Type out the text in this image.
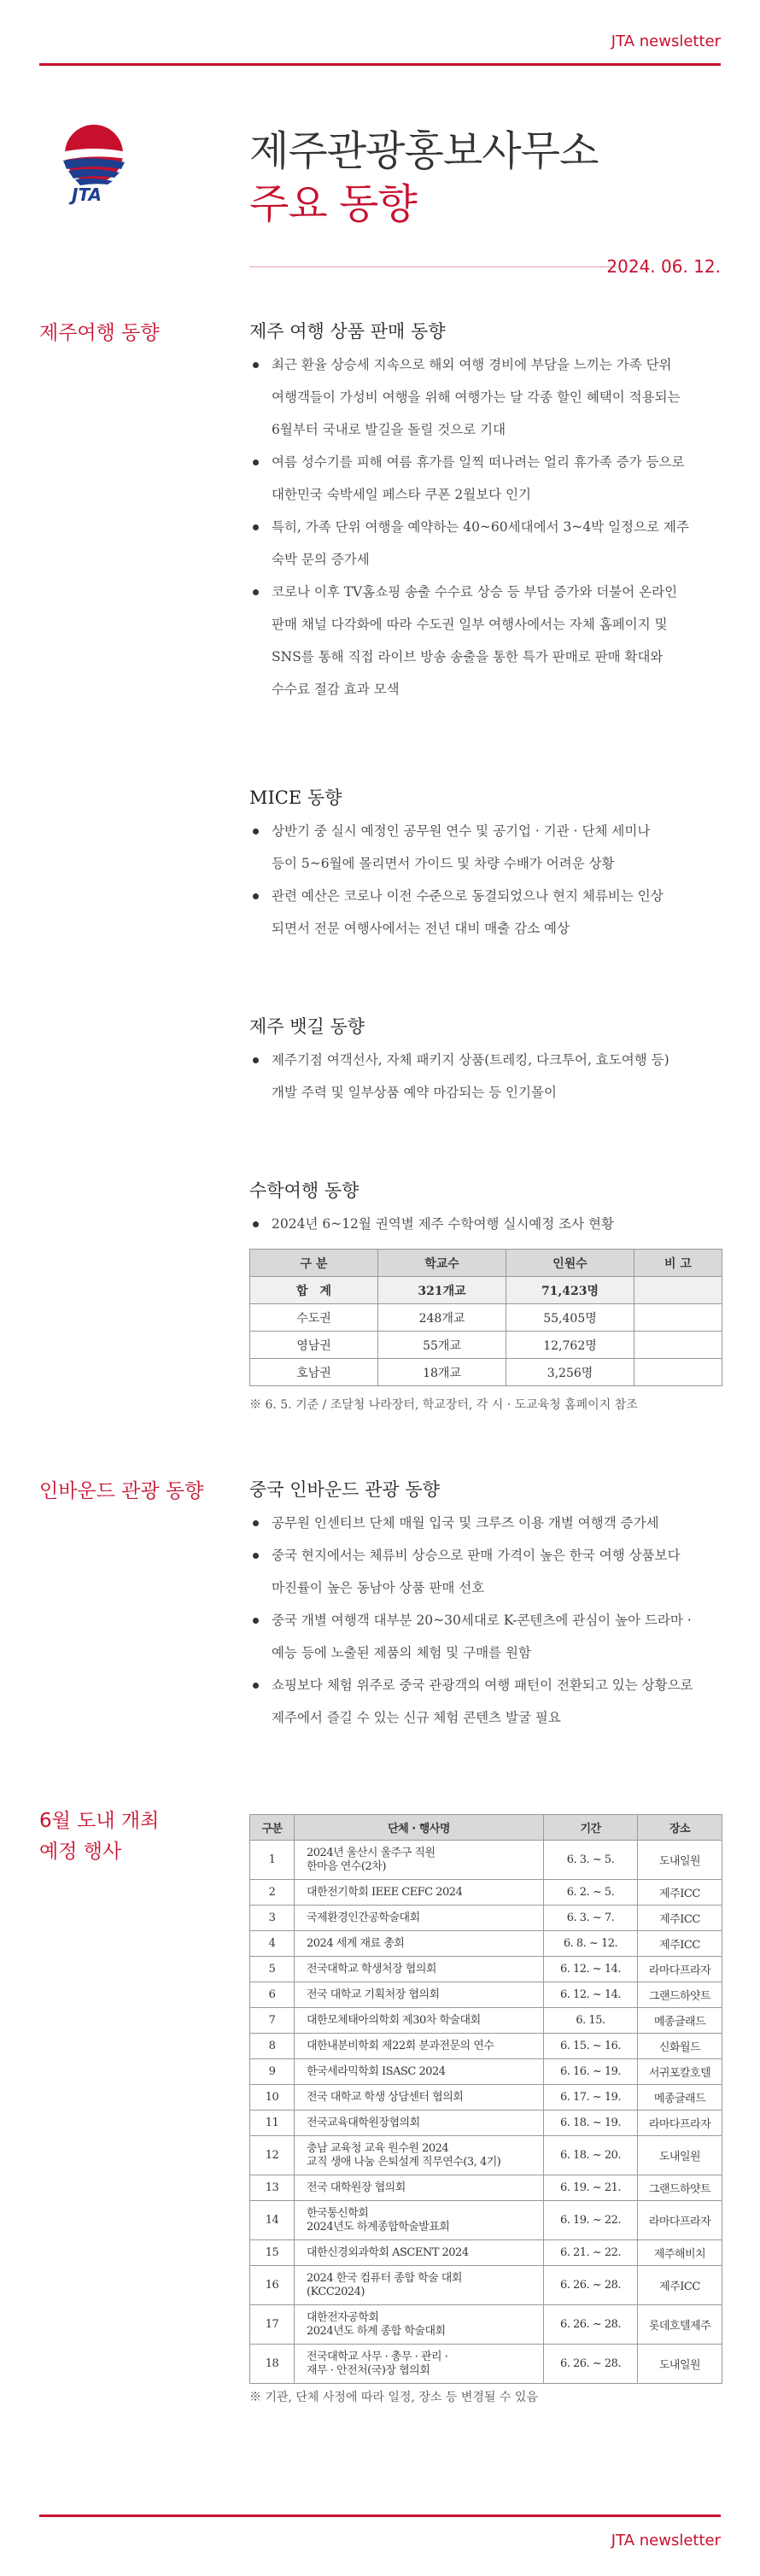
JTA newsletter
JTA
제주관광홍보사무소
주요 동향
2024. 06. 12.
제주여행 동향	제주 여행 상품 판매 동향
최근 환율 상승세 지속으로 해외 여행 경비에 부담을 느끼는 가족 단위
여행객들이 가성비 여행을 위해 여행가는 달 각종 할인 혜택이 적용되는
6월부터 국내로 발길을 돌릴 것으로 기대
여름 성수기를 피해 여름 휴가를 일찍 떠나려는 얼리 휴가족 증가 등으로
대한민국 숙박세일 페스타 쿠폰 2월보다 인기
특히, 가족 단위 여행을 예약하는 40~60세대에서 3~4박 일정으로 제주
숙박 문의 증가세
코로나 이후 TV홈쇼핑 송출 수수료 상승 등 부담 증가와 더불어 온라인
판매 채널 다각화에 따라 수도권 일부 여행사에서는 자체 홈페이지 및
SNS를 통해 직접 라이브 방송 송출을 통한 특가 판매로 판매 확대와
수수료 절감 효과 모색
MICE 동향
상반기 중 실시 예정인 공무원 연수 및 공기업 · 기관 · 단체 세미나
등이 5~6월에 몰리면서 가이드 및 차량 수배가 어려운 상황
관련 예산은 코로나 이전 수준으로 동결되었으나 현지 체류비는 인상
되면서 전문 여행사에서는 전년 대비 매출 감소 예상
제주 뱃길 동향
제주기점 여객선사, 자체 패키지 상품(트레킹, 다크투어, 효도여행 등)
개발 주력 및 일부상품 예약 마감되는 등 인기몰이
수학여행 동향
2024년 6~12월 권역별 제주 수학여행 실시예정 조사 현황
구 분	학교수	인원수	비 고
합　계	321개교	71,423명	
수도권	248개교	55,405명	
영남권	55개교	12,762명	
호남권	18개교	3,256명	
※ 6. 5. 기준 / 조달청 나라장터, 학교장터, 각 시 · 도교육청 홈페이지 참조
인바운드 관광 동향	중국 인바운드 관광 동향
공무원 인센티브 단체 매월 입국 및 크루즈 이용 개별 여행객 증가세
중국 현지에서는 체류비 상승으로 판매 가격이 높은 한국 여행 상품보다
마진률이 높은 동남아 상품 판매 선호
중국 개별 여행객 대부분 20~30세대로 K-콘텐츠에 관심이 높아 드라마 ·
예능 등에 노출된 제품의 체험 및 구매를 원함
쇼핑보다 체험 위주로 중국 관광객의 여행 패턴이 전환되고 있는 상황으로
제주에서 즐길 수 있는 신규 체험 콘텐츠 발굴 필요
6월 도내 개최
예정 행사
구분	단체 · 행사명	기간	장소
1	2024년 울산시 울주구 직원
한마음 연수(2차)	6. 3. ~ 5.	도내일원
2	대한전기학회 IEEE CEFC 2024	6. 2. ~ 5.	제주ICC
3	국제환경인간공학술대회	6. 3. ~ 7.	제주ICC
4	2024 세계 재료 총회	6. 8. ~ 12.	제주ICC
5	전국대학교 학생처장 협의회	6. 12. ~ 14.	라마다프라자
6	전국 대학교 기획처장 협의회	6. 12. ~ 14.	그랜드하얏트
7	대한모체태아의학회 제30차 학술대회	6. 15.	메종글래드
8	대한내분비학회 제22회 분과전문의 연수	6. 15. ~ 16.	신화월드
9	한국세라믹학회 ISASC 2024	6. 16. ~ 19.	서귀포칼호텔
10	전국 대학교 학생 상담센터 협의회	6. 17. ~ 19.	메종글래드
11	전국교육대학원장협의회	6. 18. ~ 19.	라마다프라자
12	충남 교육청 교육 원수원 2024
교직 생애 나눔 은퇴설계 직무연수(3, 4기)	6. 18. ~ 20.	도내일원
13	전국 대학원장 협의회	6. 19. ~ 21.	그랜드하얏트
14	한국통신학회
2024년도 하계종합학술발표회	6. 19. ~ 22.	라마다프라자
15	대한신경외과학회 ASCENT 2024	6. 21. ~ 22.	제주해비치
16	2024 한국 컴퓨터 종합 학술 대회
(KCC2024)	6. 26. ~ 28.	제주ICC
17	대한전자공학회
2024년도 하계 종합 학술대회	6. 26. ~ 28.	롯데호텔제주
18	전국대학교 사무 · 총무 · 관리 ·
재무 · 안전처(국)장 협의회	6. 26. ~ 28.	도내일원
※ 기관, 단체 사정에 따라 일정, 장소 등 변경될 수 있음
JTA newsletter
